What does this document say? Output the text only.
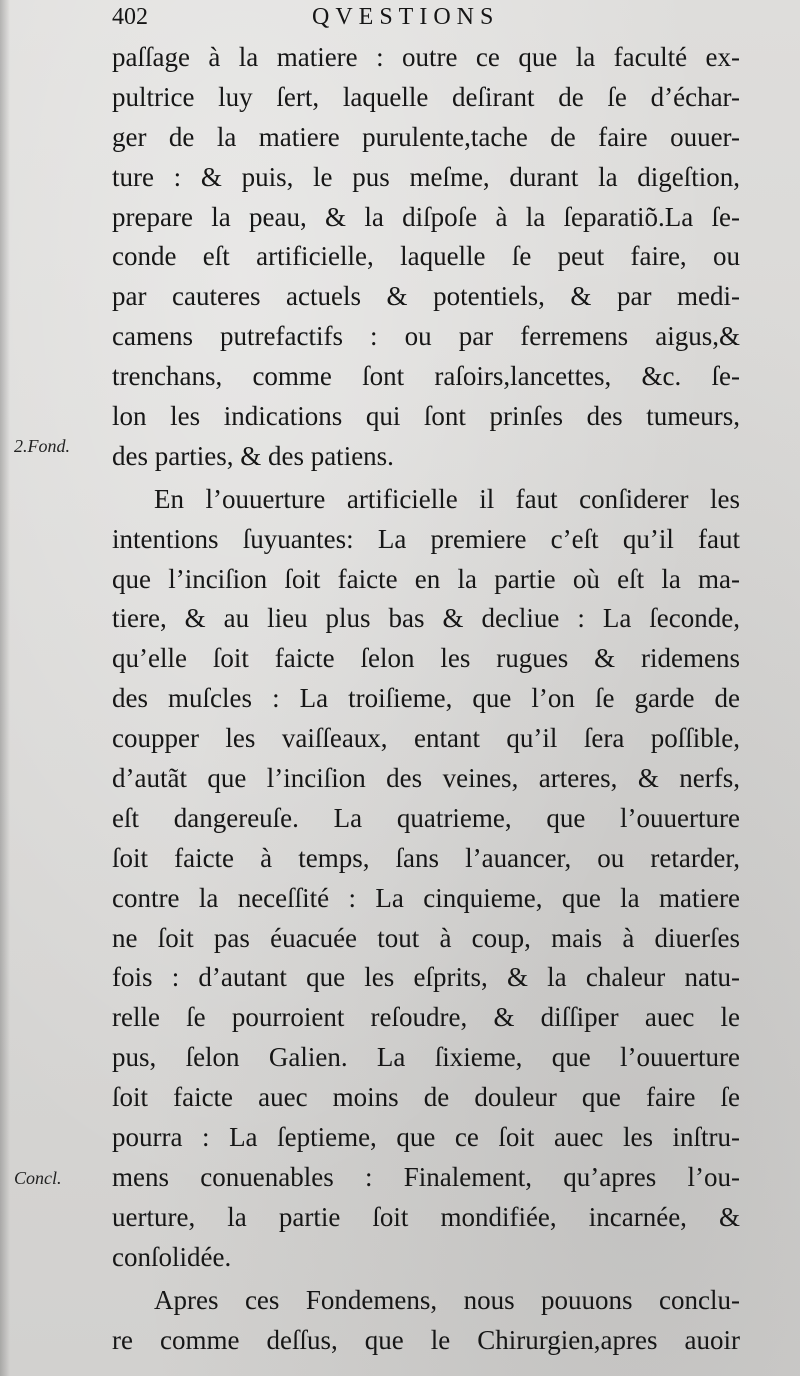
402	QVESTIONS
2.Fond.
Concl.
paſſage à la matiere : outre ce que la faculté ex-
pultrice luy ſert, laquelle deſirant de ſe d’échar-
ger de la matiere purulente,tache de faire ouuer-
ture : & puis, le pus meſme, durant la digeſtion,
prepare la peau, & la diſpoſe à la ſeparatiõ.La ſe-
conde eſt artificielle, laquelle ſe peut faire, ou
par cauteres actuels & potentiels, & par medi-
camens putrefactifs : ou par ferremens aigus,&
trenchans, comme ſont raſoirs,lancettes, &c. ſe-
lon les indications qui ſont prinſes des tumeurs,
des parties, & des patiens.
En l’ouuerture artificielle il faut conſiderer les
intentions ſuyuantes: La premiere c’eſt qu’il faut
que l’inciſion ſoit faicte en la partie où eſt la ma-
tiere, & au lieu plus bas & decliue : La ſeconde,
qu’elle ſoit faicte ſelon les rugues & ridemens
des muſcles : La troiſieme, que l’on ſe garde de
coupper les vaiſſeaux, entant qu’il ſera poſſible,
d’autãt que l’inciſion des veines, arteres, & nerfs,
eſt dangereuſe. La quatrieme, que l’ouuerture
ſoit faicte à temps, ſans l’auancer, ou retarder,
contre la neceſſité : La cinquieme, que la matiere
ne ſoit pas éuacuée tout à coup, mais à diuerſes
fois : d’autant que les eſprits, & la chaleur natu-
relle ſe pourroient reſoudre, & diſſiper auec le
pus, ſelon Galien. La ſixieme, que l’ouuerture
ſoit faicte auec moins de douleur que faire ſe
pourra : La ſeptieme, que ce ſoit auec les inſtru-
mens conuenables : Finalement, qu’apres l’ou-
uerture, la partie ſoit mondifiée, incarnée, &
conſolidée.
Apres ces Fondemens, nous pouuons conclu-
re comme deſſus, que le Chirurgien,apres auoir
